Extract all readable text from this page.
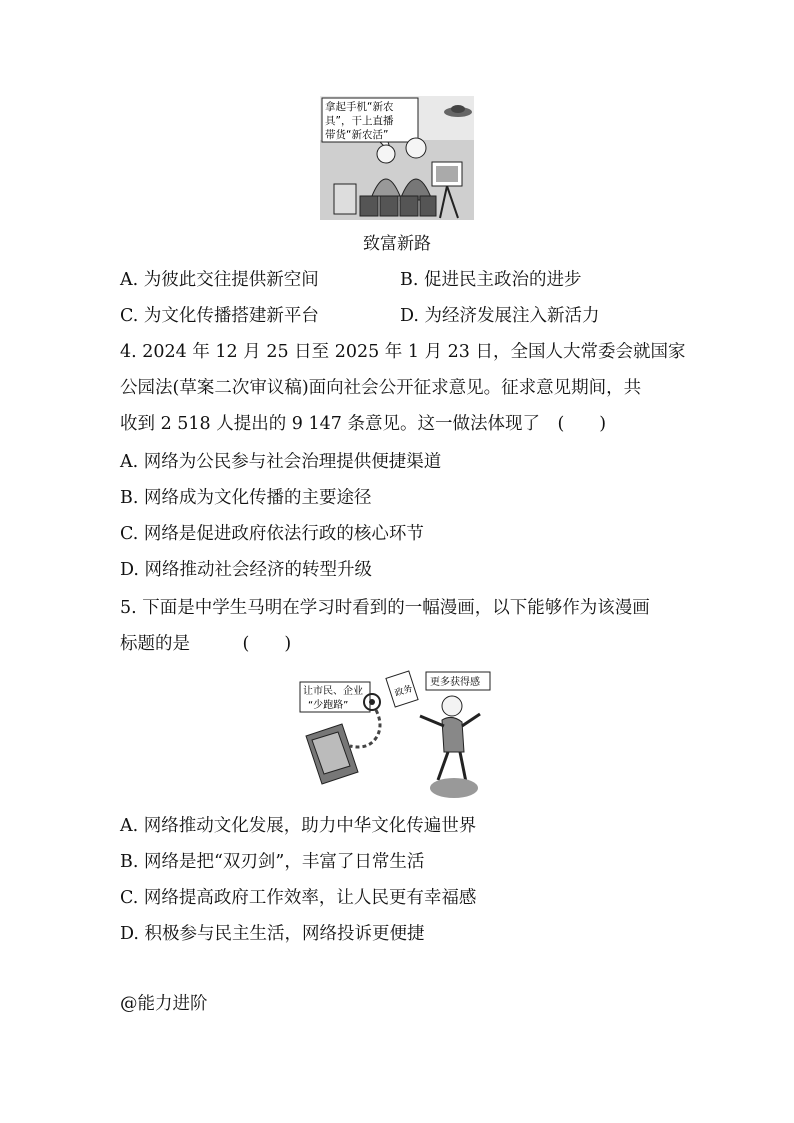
拿起手机“新农
具”，干上直播
带货“新农活”
致富新路
A. 为彼此交往提供新空间	B. 促进民主政治的进步
C. 为文化传播搭建新平台	D. 为经济发展注入新活力
4. 2024 年 12 月 25 日至 2025 年 1 月 23 日，全国人大常委会就国家
公园法(草案二次审议稿)面向社会公开征求意见。征求意见期间，共
收到 2 518 人提出的 9 147 条意见。这一做法体现了　(　　)
A. 网络为公民参与社会治理提供便捷渠道
B. 网络成为文化传播的主要途径
C. 网络是促进政府依法行政的核心环节
D. 网络推动社会经济的转型升级
5. 下面是中学生马明在学习时看到的一幅漫画，以下能够作为该漫画
标题的是　　　(　　)
让市民、企业
“少跑路”
政务
更多获得感
A. 网络推动文化发展，助力中华文化传遍世界
B. 网络是把“双刃剑”，丰富了日常生活
C. 网络提高政府工作效率，让人民更有幸福感
D. 积极参与民主生活，网络投诉更便捷
@能力进阶
